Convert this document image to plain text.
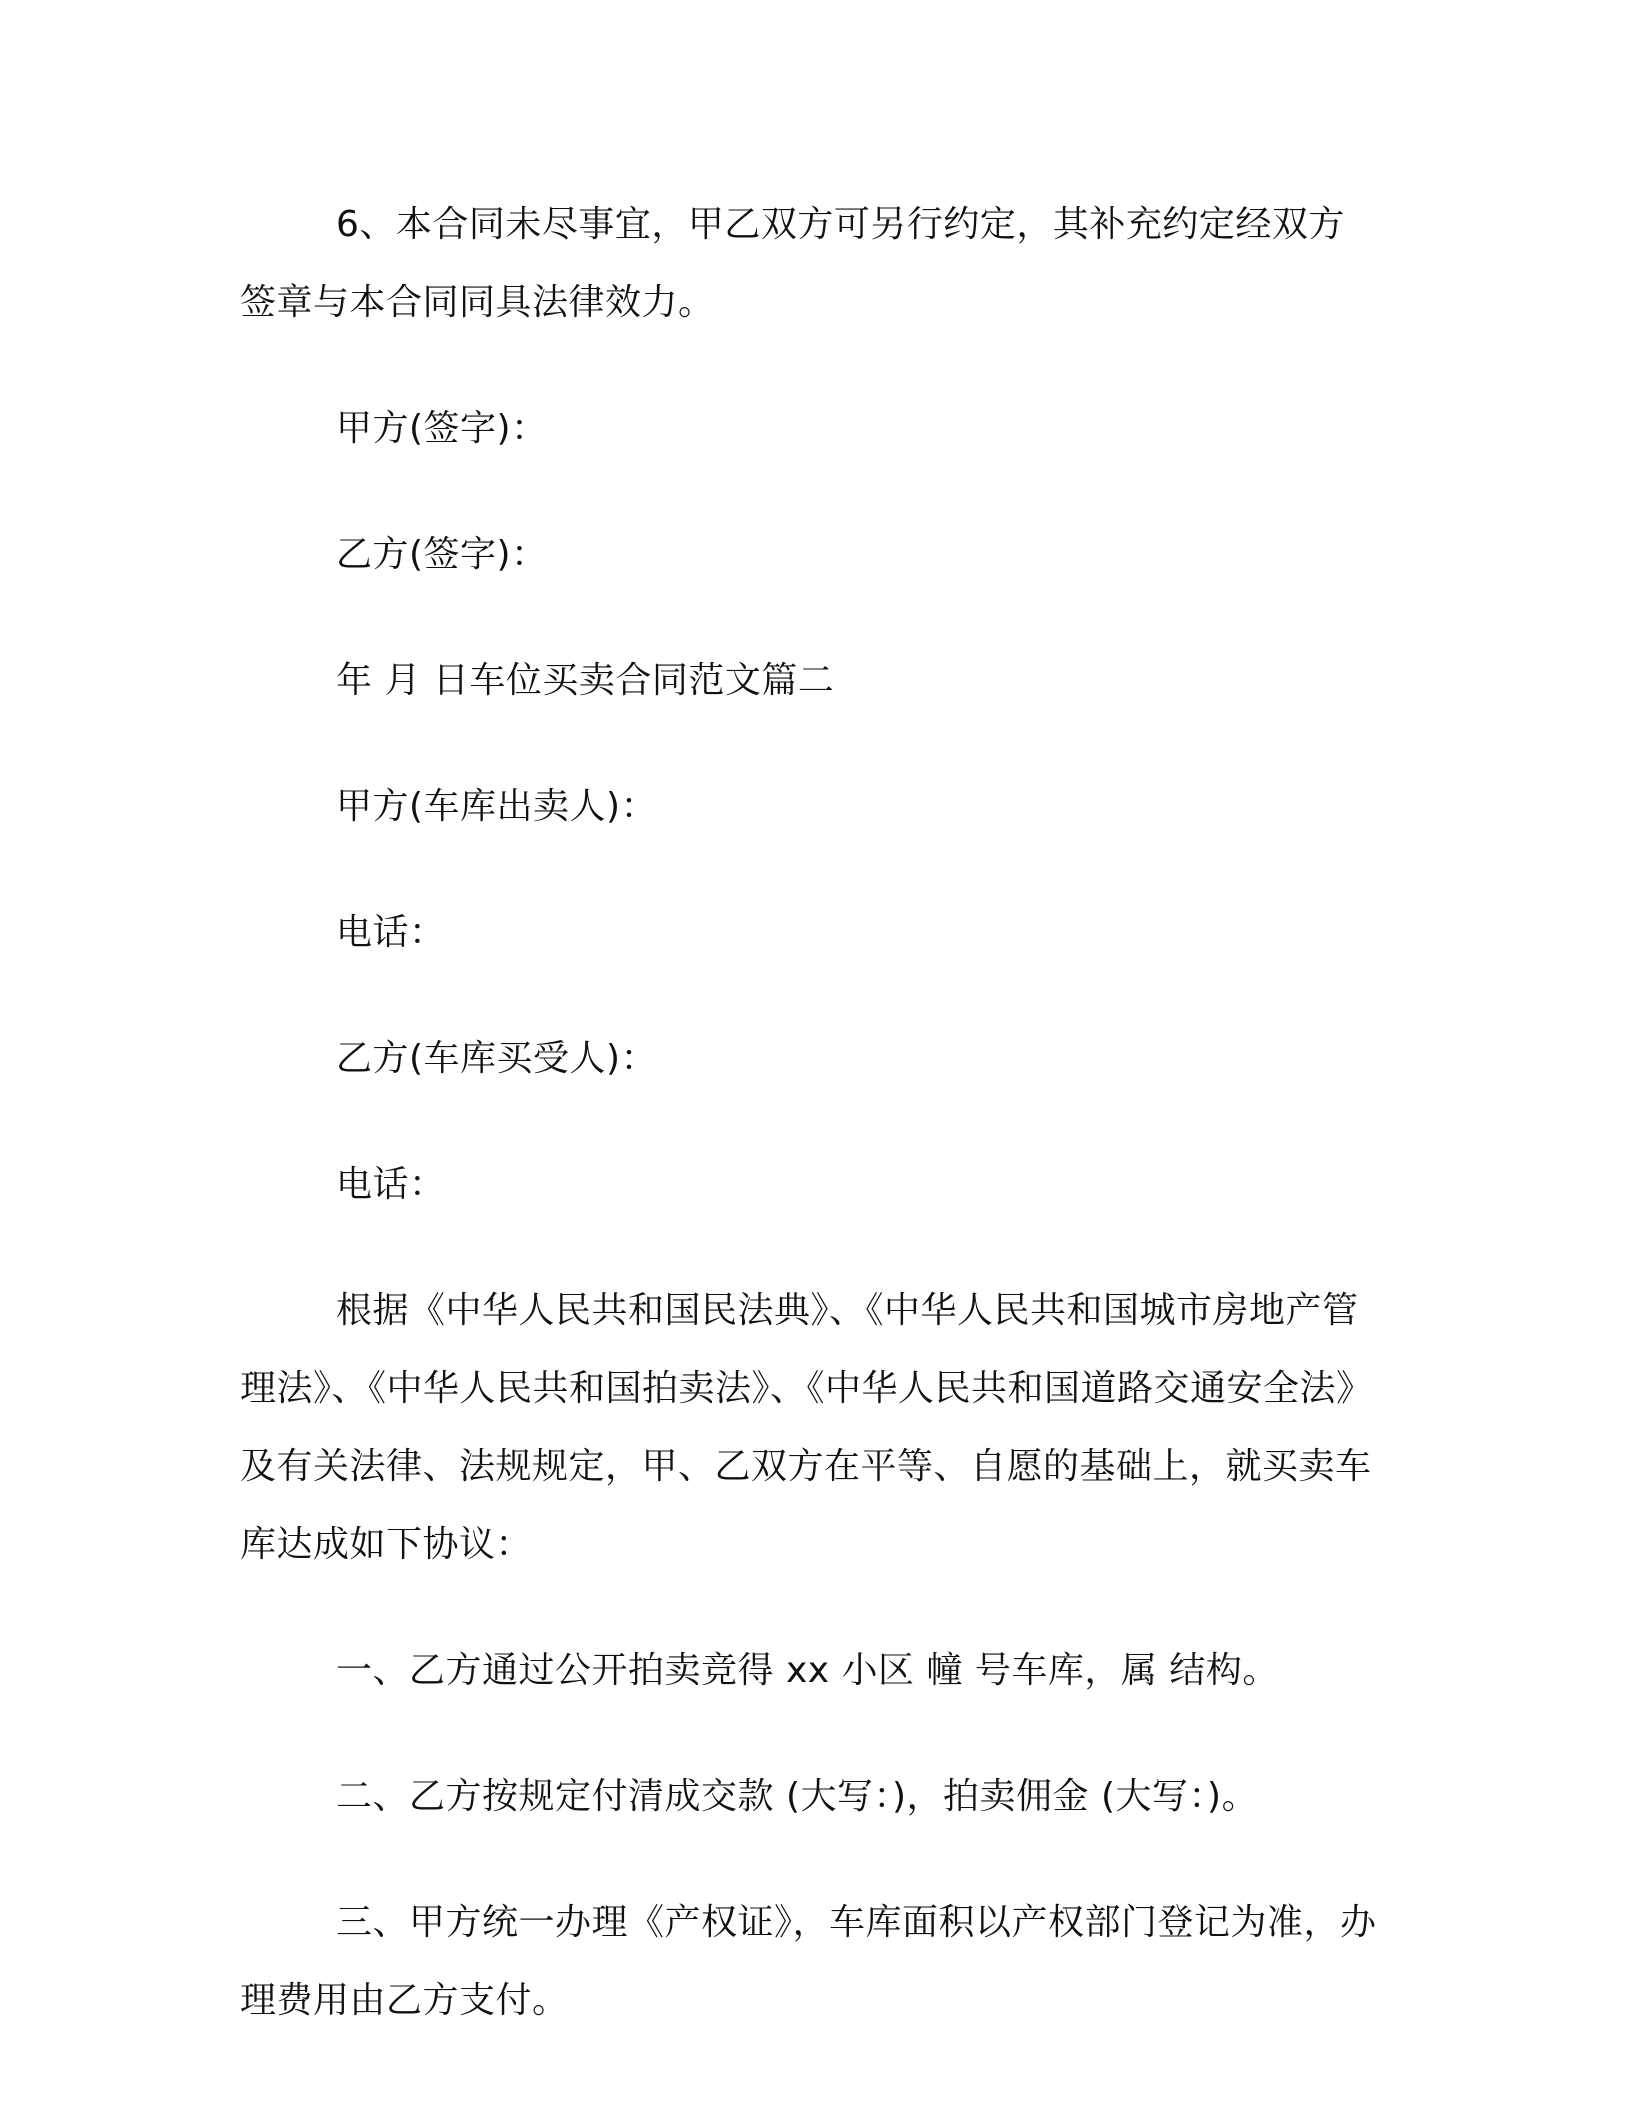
6、本合同未尽事宜，甲乙双方可另行约定，其补充约定经双方签章与本合同同具法律效力。

甲方(签字)：

乙方(签字)：

年 月 日车位买卖合同范文篇二

甲方(车库出卖人)：

电话：

乙方(车库买受人)：

电话：

根据《中华人民共和国民法典》、《中华人民共和国城市房地产管理法》、《中华人民共和国拍卖法》、《中华人民共和国道路交通安全法》及有关法律、法规规定，甲、乙双方在平等、自愿的基础上，就买卖车库达成如下协议：

一、乙方通过公开拍卖竞得 xx 小区 幢 号车库，属 结构。

二、乙方按规定付清成交款 (大写：)，拍卖佣金 (大写：)。

三、甲方统一办理《产权证》，车库面积以产权部门登记为准，办理费用由乙方支付。
